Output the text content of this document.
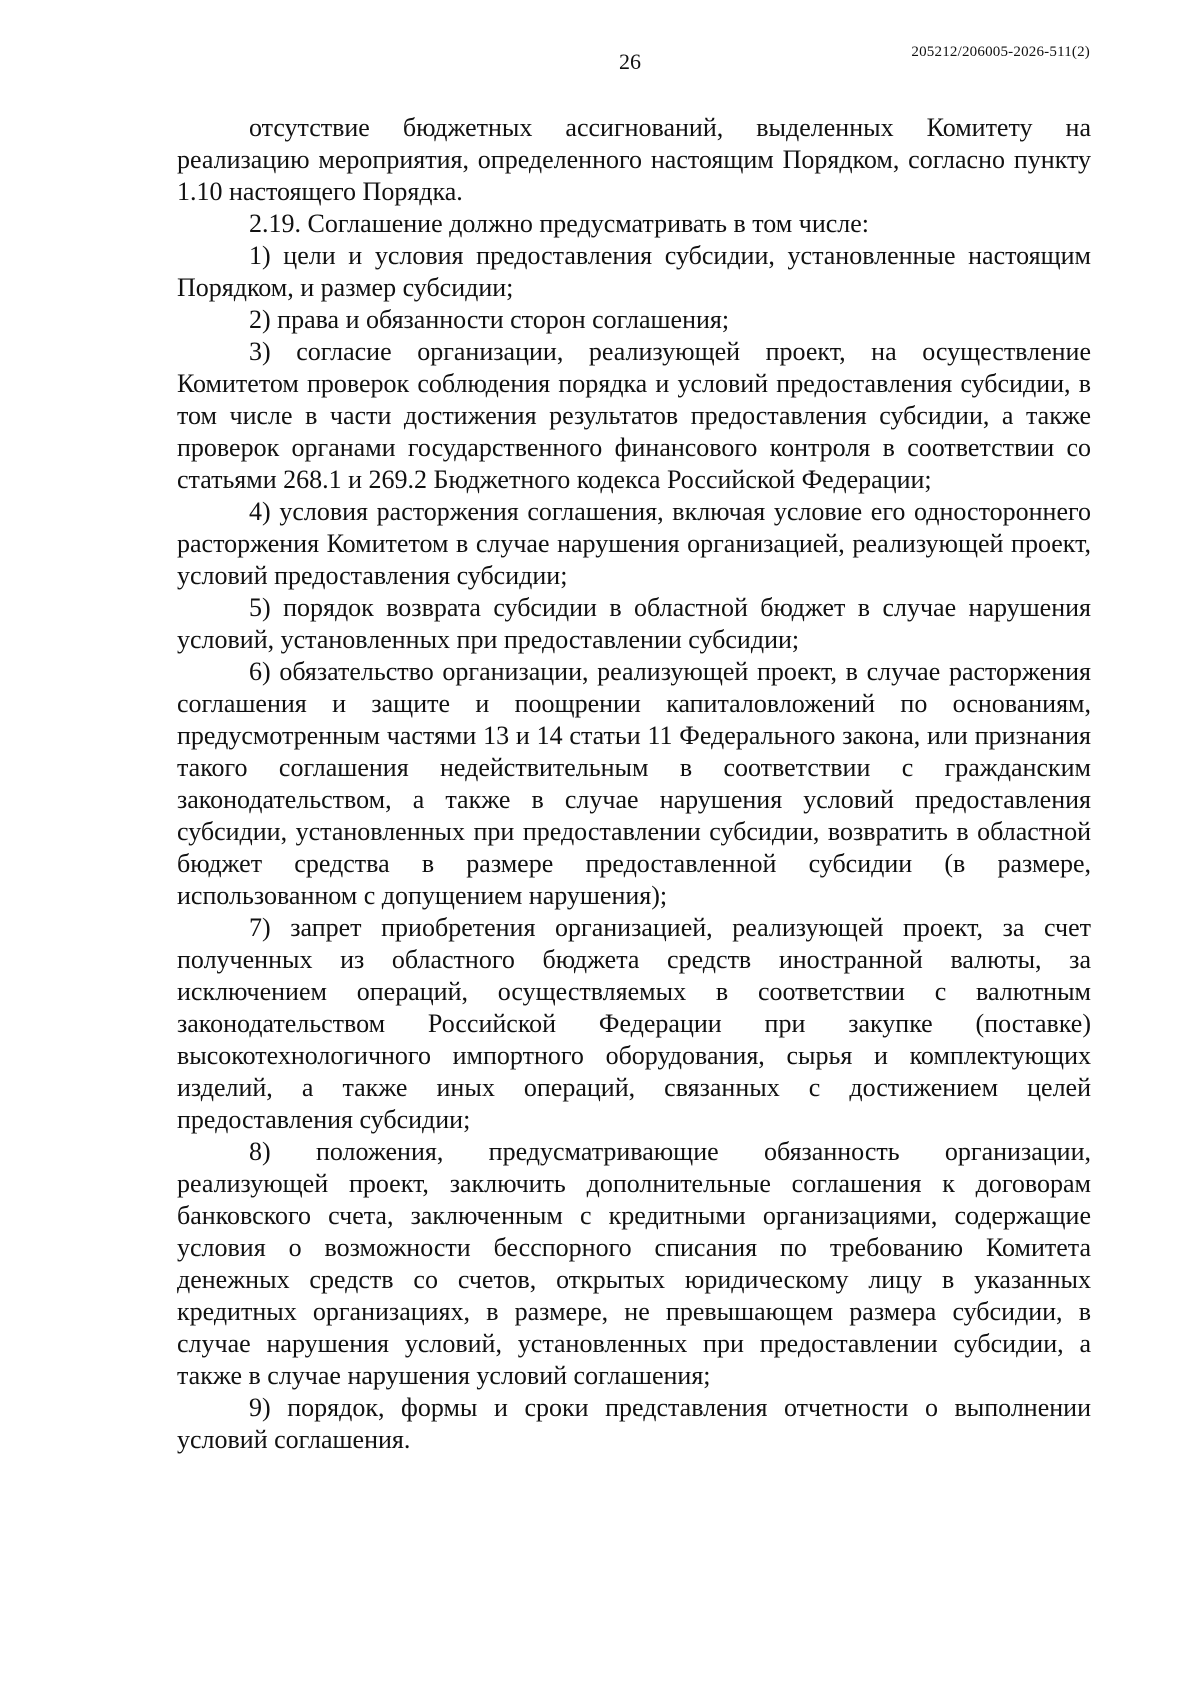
26	205212/206005-2026-511(2)

отсутствие бюджетных ассигнований, выделенных Комитету на реализацию мероприятия, определенного настоящим Порядком, согласно пункту 1.10 настоящего Порядка.

2.19. Соглашение должно предусматривать в том числе:

1) цели и условия предоставления субсидии, установленные настоящим Порядком, и размер субсидии;

2) права и обязанности сторон соглашения;

3) согласие организации, реализующей проект, на осуществление Комитетом проверок соблюдения порядка и условий предоставления субсидии, в том числе в части достижения результатов предоставления субсидии, а также проверок органами государственного финансового контроля в соответствии со статьями 268.1 и 269.2 Бюджетного кодекса Российской Федерации;

4) условия расторжения соглашения, включая условие его одностороннего расторжения Комитетом в случае нарушения организацией, реализующей проект, условий предоставления субсидии;

5) порядок возврата субсидии в областной бюджет в случае нарушения условий, установленных при предоставлении субсидии;

6) обязательство организации, реализующей проект, в случае расторжения соглашения и защите и поощрении капиталовложений по основаниям, предусмотренным частями 13 и 14 статьи 11 Федерального закона, или признания такого соглашения недействительным в соответствии с гражданским законодательством, а также в случае нарушения условий предоставления субсидии, установленных при предоставлении субсидии, возвратить в областной бюджет средства в размере предоставленной субсидии (в размере, использованном с допущением нарушения);

7) запрет приобретения организацией, реализующей проект, за счет полученных из областного бюджета средств иностранной валюты, за исключением операций, осуществляемых в соответствии с валютным законодательством Российской Федерации при закупке (поставке) высокотехнологичного импортного оборудования, сырья и комплектующих изделий, а также иных операций, связанных с достижением целей предоставления субсидии;

8) положения, предусматривающие обязанность организации, реализующей проект, заключить дополнительные соглашения к договорам банковского счета, заключенным с кредитными организациями, содержащие условия о возможности бесспорного списания по требованию Комитета денежных средств со счетов, открытых юридическому лицу в указанных кредитных организациях, в размере, не превышающем размера субсидии, в случае нарушения условий, установленных при предоставлении субсидии, а также в случае нарушения условий соглашения;

9) порядок, формы и сроки представления отчетности о выполнении условий соглашения.
